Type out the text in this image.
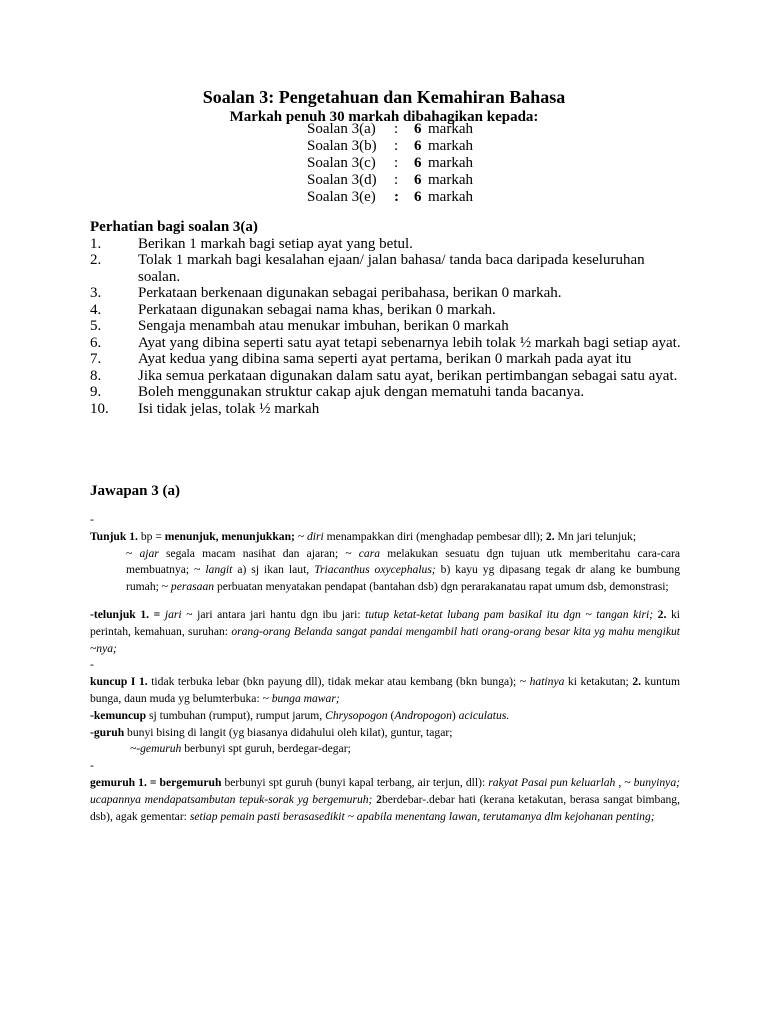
Soalan 3: Pengetahuan dan Kemahiran Bahasa

Markah penuh 30 markah dibahagikan kepada:

Soalan 3(a)	:	6 markah
Soalan 3(b)	:	6 markah
Soalan 3(c)	:	6 markah
Soalan 3(d)	:	6 markah
Soalan 3(e)	:	6 markah
Perhatian bagi soalan 3(a)
1.	Berikan 1 markah bagi setiap ayat yang betul.
2.	Tolak 1 markah bagi kesalahan ejaan/ jalan bahasa/ tanda baca daripada keseluruhan soalan.
3.	Perkataan berkenaan digunakan sebagai peribahasa, berikan 0 markah.
4.	Perkataan digunakan sebagai nama khas, berikan 0 markah.
5.	Sengaja menambah atau menukar imbuhan, berikan 0 markah
6.	Ayat yang dibina seperti satu ayat tetapi sebenarnya lebih tolak ½ markah bagi setiap ayat.
7.	Ayat kedua yang dibina sama seperti ayat pertama, berikan 0 markah pada ayat itu
8.	Jika semua perkataan digunakan dalam satu ayat, berikan pertimbangan sebagai satu ayat.
9.	Boleh menggunakan struktur cakap ajuk dengan mematuhi tanda bacanya.
10.	Isi tidak jelas, tolak ½ markah
Jawapan 3 (a)

-

Tunjuk 1. bp = menunjuk, menunjukkan; ~ diri menampakkan diri (menghadap pembesar dll); 2. Mn jari telunjuk;

~ ajar segala macam nasihat dan ajaran; ~ cara melakukan sesuatu dgn tujuan utk memberitahu cara-cara membuatnya; ~ langit a) sj ikan laut, Triacanthus oxycephalus; b) kayu yg dipasang tegak dr alang ke bumbung rumah; ~ perasaan perbuatan menyatakan pendapat (bantahan dsb) dgn perarakanatau rapat umum dsb, demonstrasi;

-telunjuk 1. = jari ~ jari antara jari hantu dgn ibu jari: tutup ketat-ketat lubang pam basikal itu dgn ~ tangan kiri; 2. ki perintah, kemahuan, suruhan: orang-orang Belanda sangat pandai mengambil hati orang-orang besar kita yg mahu mengikut ~nya;

-

kuncup I 1. tidak terbuka lebar (bkn payung dll), tidak mekar atau kembang (bkn bunga); ~ hatinya ki ketakutan; 2. kuntum bunga, daun muda yg belumterbuka: ~ bunga mawar;

-kemuncup sj tumbuhan (rumput), rumput jarum, Chrysopogon (Andropogon) aciculatus.

-guruh bunyi bising di langit (yg biasanya didahului oleh kilat), guntur, tagar;

~-gemuruh berbunyi spt guruh, berdegar-degar;

-

gemuruh 1. = bergemuruh berbunyi spt guruh (bunyi kapal terbang, air terjun, dll): rakyat Pasai pun keluarlah , ~ bunyinya; ucapannya mendapatsambutan tepuk-sorak yg bergemuruh; 2berdebar-.debar hati (kerana ketakutan, berasa sangat bimbang, dsb), agak gementar: setiap pemain pasti berasasedikit ~ apabila menentang lawan, terutamanya dlm kejohanan penting;
